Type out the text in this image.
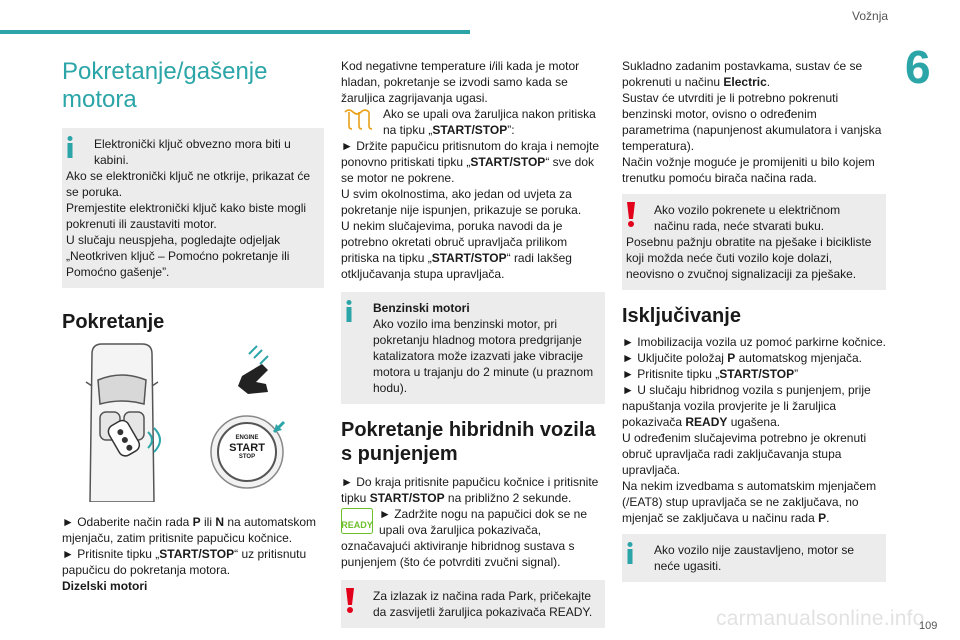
Vožnja
6
Pokretanje/gašenje
motora

Elektronički ključ obvezno mora biti u kabini.

Ako se elektronički ključ ne otkrije, prikazat će se poruka.

Premjestite elektronički ključ kako biste mogli pokrenuti ili zaustaviti motor.

U slučaju neuspjeha, pogledajte odjeljak „Neotkriven ključ – Pomoćno pokretanje ili Pomoćno gašenje”.

Pokretanje
ENGINE
START
STOP

► Odaberite način rada P ili N na automatskom mjenjaču, zatim pritisnite papučicu kočnice.

► Pritisnite tipku „START/STOP“ uz pritisnutu papučicu do pokretanja motora.

Dizelski motori

Kod negativne temperature i/ili kada je motor hladan, pokretanje se izvodi samo kada se žaruljica zagrijavanja ugasi.

Ako se upali ova žaruljica nakon pritiska na tipku „START/STOP”:

► Držite papučicu pritisnutom do kraja i nemojte ponovno pritiskati tipku „START/STOP“ sve dok se motor ne pokrene.

U svim okolnostima, ako jedan od uvjeta za pokretanje nije ispunjen, prikazuje se poruka.

U nekim slučajevima, poruka navodi da je potrebno okretati obruč upravljača prilikom pritiska na tipku „START/STOP“ radi lakšeg otključavanja stupa upravljača.

Benzinski motori

Ako vozilo ima benzinski motor, pri pokretanju hladnog motora predgrijanje katalizatora može izazvati jake vibracije motora u trajanju do 2 minute (u praznom hodu).

Pokretanje hibridnih vozila s punjenjem

► Do kraja pritisnite papučicu kočnice i pritisnite tipku START/STOP na približno 2 sekunde.

READY

► Zadržite nogu na papučici dok se ne upali ova žaruljica pokazivača, označavajući aktiviranje hibridnog sustava s punjenjem (što će potvrditi zvučni signal).

Za izlazak iz načina rada Park, pričekajte da zasvijetli žaruljica pokazivača READY.

Sukladno zadanim postavkama, sustav će se pokrenuti u načinu Electric.

Sustav će utvrditi je li potrebno pokrenuti benzinski motor, ovisno o određenim parametrima (napunjenost akumulatora i vanjska temperatura).

Način vožnje moguće je promijeniti u bilo kojem trenutku pomoću birača načina rada.

Ako vozilo pokrenete u električnom načinu rada, neće stvarati buku.

Posebnu pažnju obratite na pješake i bicikliste koji možda neće čuti vozilo koje dolazi, neovisno o zvučnoj signalizaciji za pješake.

Isključivanje

► Imobilizacija vozila uz pomoć parkirne kočnice.

► Uključite položaj P automatskog mjenjača.

► Pritisnite tipku „START/STOP”

► U slučaju hibridnog vozila s punjenjem, prije napuštanja vozila provjerite je li žaruljica pokazivača READY ugašena.

U određenim slučajevima potrebno je okrenuti obruč upravljača radi zaključavanja stupa upravljača.

Na nekim izvedbama s automatskim mjenjačem (/EAT8) stup upravljača se ne zaključava, no mjenjač se zaključava u načinu rada P.

Ako vozilo nije zaustavljeno, motor se neće ugasiti.

carmanualsonline.info
109
